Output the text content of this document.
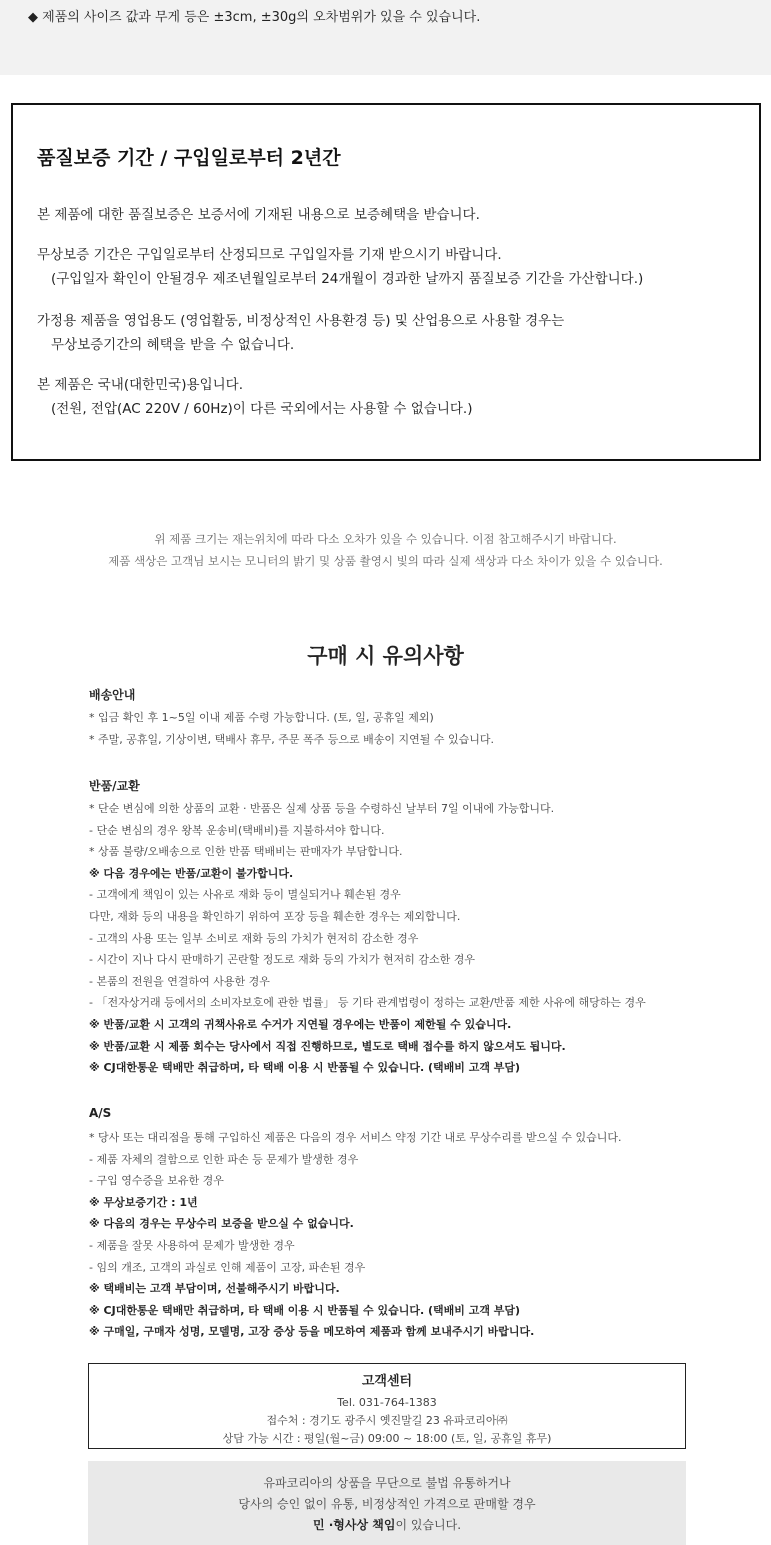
◆ 제품의 사이즈 값과 무게 등은 ±3cm, ±30g의 오차범위가 있을 수 있습니다.
품질보증 기간 / 구입일로부터 2년간
본 제품에 대한 품질보증은 보증서에 기재된 내용으로 보증혜택을 받습니다.
무상보증 기간은 구입일로부터 산정되므로 구입일자를 기재 받으시기 바랍니다.
(구입일자 확인이 안될경우 제조년월일로부터 24개월이 경과한 날까지 품질보증 기간을 가산합니다.)
가정용 제품을 영업용도 (영업활동, 비정상적인 사용환경 등) 및 산업용으로 사용할 경우는
무상보증기간의 혜택을 받을 수 없습니다.
본 제품은 국내(대한민국)용입니다.
(전원, 전압(AC 220V / 60Hz)이 다른 국외에서는 사용할 수 없습니다.)
위 제품 크기는 재는위치에 따라 다소 오차가 있을 수 있습니다. 이점 참고해주시기 바랍니다.
제품 색상은 고객님 보시는 모니터의 밝기 및 상품 촬영시 빛의 따라 실제 색상과 다소 차이가 있을 수 있습니다.
구매 시 유의사항
배송안내
* 입금 확인 후 1~5일 이내 제품 수령 가능합니다. (토, 일, 공휴일 제외)
* 주말, 공휴일, 기상이변, 택배사 휴무, 주문 폭주 등으로 배송이 지연될 수 있습니다.
반품/교환
* 단순 변심에 의한 상품의 교환 · 반품은 실제 상품 등을 수령하신 날부터 7일 이내에 가능합니다.
- 단순 변심의 경우 왕복 운송비(택배비)를 지불하셔야 합니다.
* 상품 불량/오배송으로 인한 반품 택배비는 판매자가 부담합니다.
※ 다음 경우에는 반품/교환이 불가합니다.
- 고객에게 책임이 있는 사유로 재화 등이 멸실되거나 훼손된 경우
다만, 재화 등의 내용을 확인하기 위하여 포장 등을 훼손한 경우는 제외합니다.
- 고객의 사용 또는 일부 소비로 재화 등의 가치가 현저히 감소한 경우
- 시간이 지나 다시 판매하기 곤란할 정도로 재화 등의 가치가 현저히 감소한 경우
- 본품의 전원을 연결하여 사용한 경우
- 「전자상거래 등에서의 소비자보호에 관한 법률」 등 기타 관계법령이 정하는 교환/반품 제한 사유에 해당하는 경우
※ 반품/교환 시 고객의 귀책사유로 수거가 지연될 경우에는 반품이 제한될 수 있습니다.
※ 반품/교환 시 제품 회수는 당사에서 직접 진행하므로, 별도로 택배 접수를 하지 않으셔도 됩니다.
※ CJ대한통운 택배만 취급하며, 타 택배 이용 시 반품될 수 있습니다. (택배비 고객 부담)
A/S
* 당사 또는 대리점을 통해 구입하신 제품은 다음의 경우 서비스 약정 기간 내로 무상수리를 받으실 수 있습니다.
- 제품 자체의 결함으로 인한 파손 등 문제가 발생한 경우
- 구입 영수증을 보유한 경우
※ 무상보증기간 : 1년
※ 다음의 경우는 무상수리 보증을 받으실 수 없습니다.
- 제품을 잘못 사용하여 문제가 발생한 경우
- 임의 개조, 고객의 과실로 인해 제품이 고장, 파손된 경우
※ 택배비는 고객 부담이며, 선불해주시기 바랍니다.
※ CJ대한통운 택배만 취급하며, 타 택배 이용 시 반품될 수 있습니다. (택배비 고객 부담)
※ 구매일, 구매자 성명, 모델명, 고장 증상 등을 메모하여 제품과 함께 보내주시기 바랍니다.
고객센터
Tel. 031-764-1383
접수처 : 경기도 광주시 옛진말길 23 유파코리아㈜
상담 가능 시간 : 평일(월~금) 09:00 ~ 18:00 (토, 일, 공휴일 휴무)
유파코리아의 상품을 무단으로 불법 유통하거나
당사의 승인 없이 유통, 비정상적인 가격으로 판매할 경우
민 ·형사상 책임이 있습니다.
